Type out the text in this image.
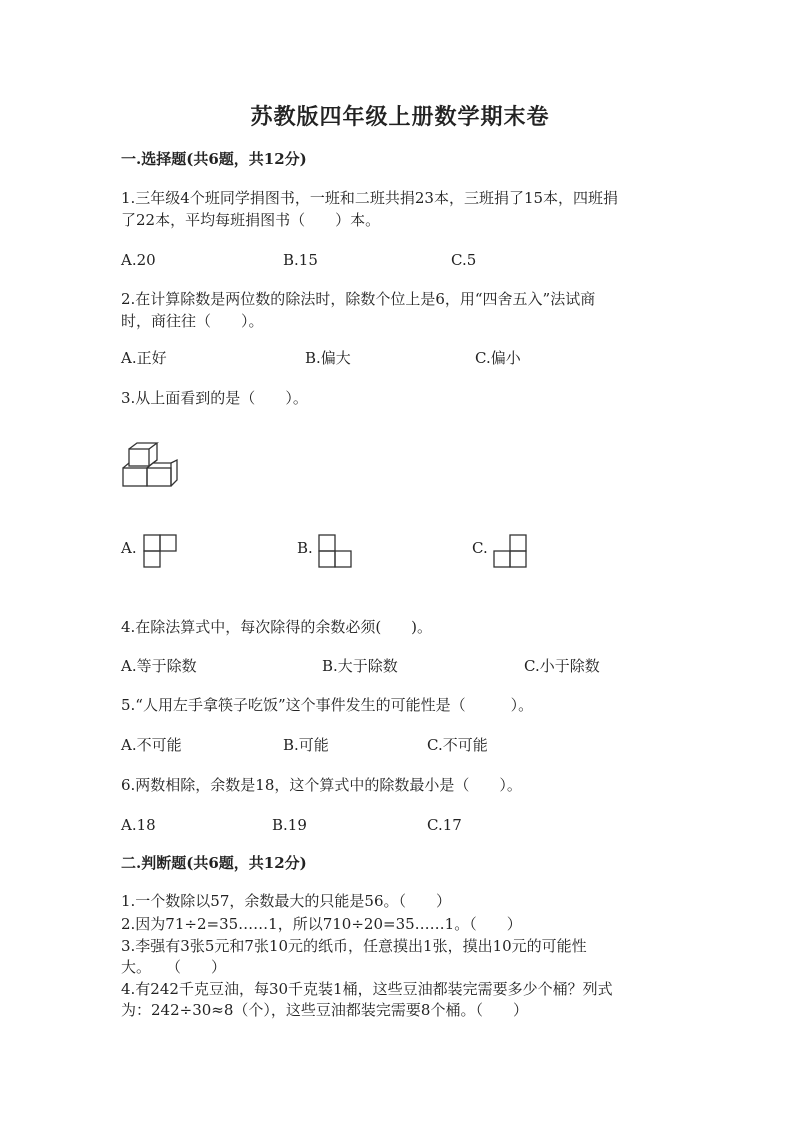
苏教版四年级上册数学期末卷
一.选择题(共6题，共12分)
1.三年级4个班同学捐图书，一班和二班共捐23本，三班捐了15本，四班捐
了22本，平均每班捐图书（　　）本。
A.20	B.15	C.5
2.在计算除数是两位数的除法时，除数个位上是6，用“四舍五入”法试商
时，商往往（　　）。
A.正好	B.偏大	C.偏小
3.从上面看到的是（　　）。
A.	B.	C.
4.在除法算式中，每次除得的余数必须(　　)。
A.等于除数	B.大于除数	C.小于除数
5.“人用左手拿筷子吃饭”这个事件发生的可能性是（　　　）。
A.不可能	B.可能	C.不可能
6.两数相除，余数是18，这个算式中的除数最小是（　　）。
A.18	B.19	C.17
二.判断题(共6题，共12分)
1.一个数除以57，余数最大的只能是56。（　　）
2.因为71÷2=35……1，所以710÷20=35……1。（　　）
3.李强有3张5元和7张10元的纸币，任意摸出1张，摸出10元的可能性
大。　　（　　）
4.有242千克豆油，每30千克装1桶，这些豆油都装完需要多少个桶？列式
为：242÷30≈8（个），这些豆油都装完需要8个桶。（　　）
